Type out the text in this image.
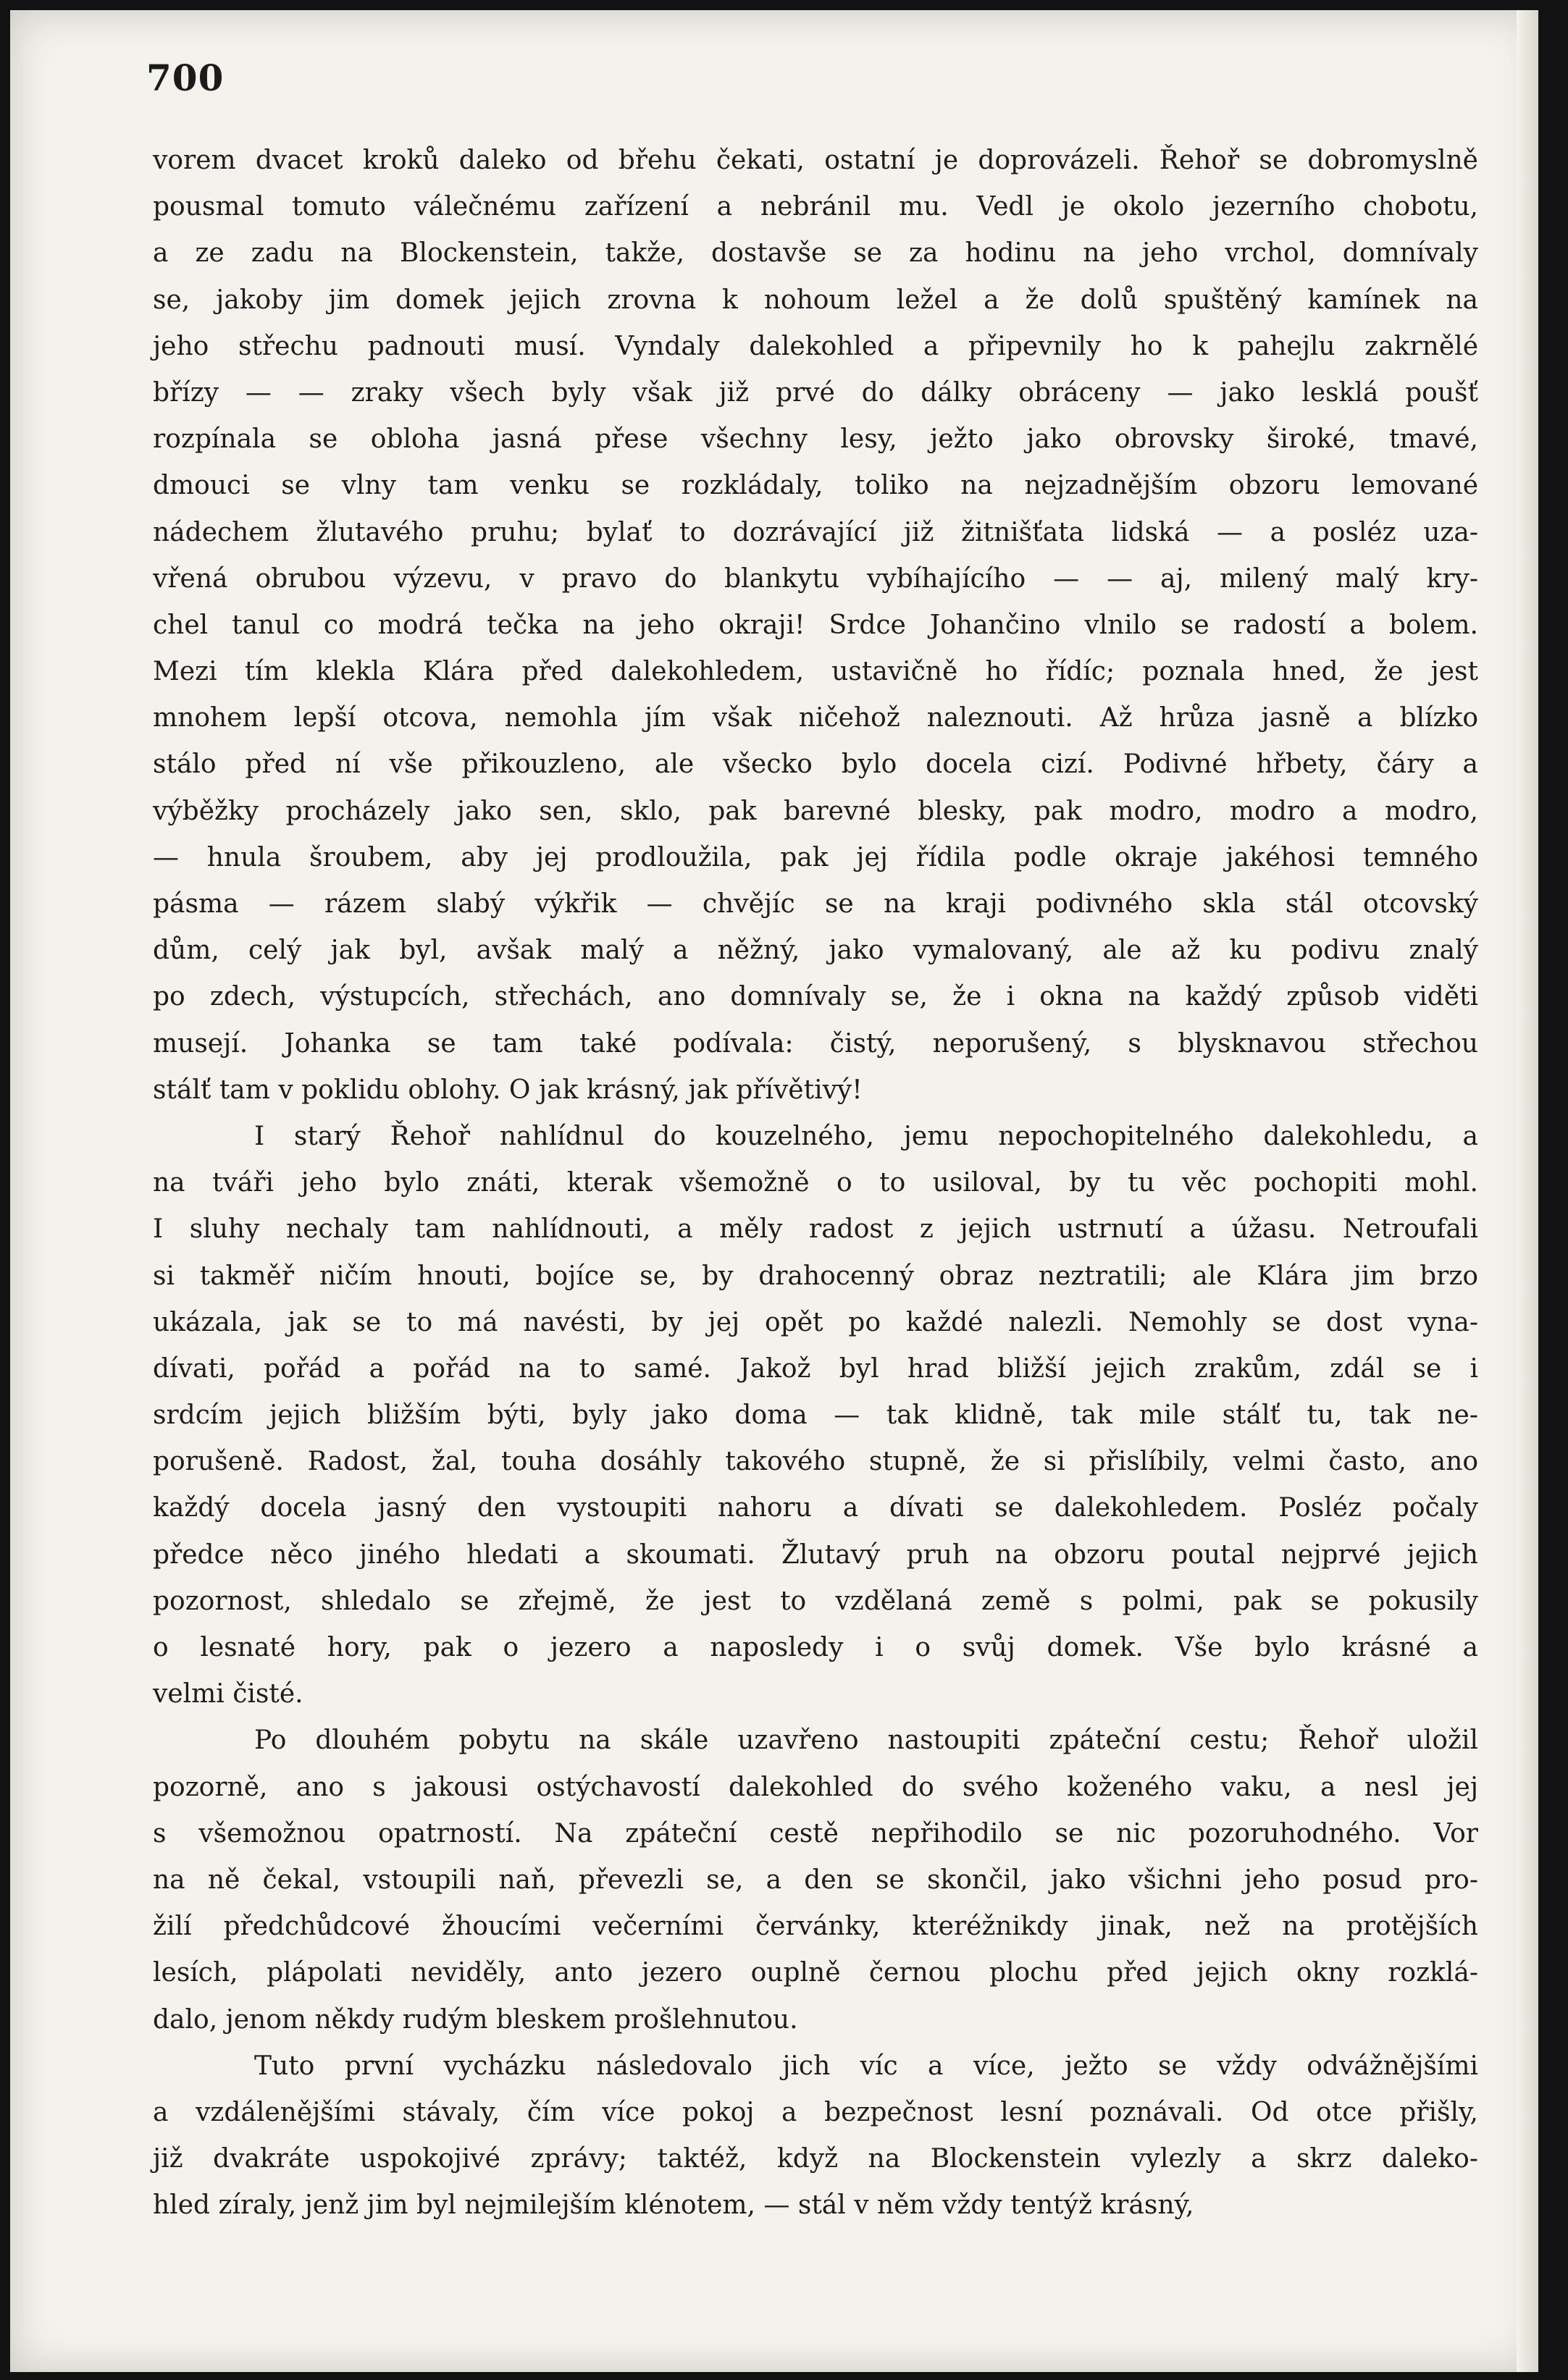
700
vorem dvacet kroků daleko od břehu čekati, ostatní je doprovázeli. Řehoř se dobromyslně
pousmal tomuto válečnému zařízení a nebránil mu. Vedl je okolo jezerního chobotu,
a ze zadu na Blockenstein, takže, dostavše se za hodinu na jeho vrchol, domnívaly
se, jakoby jim domek jejich zrovna k nohoum ležel a že dolů spuštěný kamínek na
jeho střechu padnouti musí. Vyndaly dalekohled a připevnily ho k pahejlu zakrnělé
břízy — — zraky všech byly však již prvé do dálky obráceny — jako lesklá poušť
rozpínala se obloha jasná přese všechny lesy, ježto jako obrovsky široké, tmavé,
dmouci se vlny tam venku se rozkládaly, toliko na nejzadnějším obzoru lemované
nádechem žlutavého pruhu; bylať to dozrávající již žitnišťata lidská — a posléz uza-
vřená obrubou výzevu, v pravo do blankytu vybíhajícího — — aj, milený malý kry-
chel tanul co modrá tečka na jeho okraji! Srdce Johančino vlnilo se radostí a bolem.
Mezi tím klekla Klára před dalekohledem, ustavičně ho řídíc; poznala hned, že jest
mnohem lepší otcova, nemohla jím však ničehož naleznouti. Až hrůza jasně a blízko
stálo před ní vše přikouzleno, ale všecko bylo docela cizí. Podivné hřbety, čáry a
výběžky procházely jako sen, sklo, pak barevné blesky, pak modro, modro a modro,
— hnula šroubem, aby jej prodloužila, pak jej řídila podle okraje jakéhosi temného
pásma — rázem slabý výkřik — chvějíc se na kraji podivného skla stál otcovský
dům, celý jak byl, avšak malý a něžný, jako vymalovaný, ale až ku podivu znalý
po zdech, výstupcích, střechách, ano domnívaly se, že i okna na každý způsob viděti
musejí. Johanka se tam také podívala: čistý, neporušený, s blysknavou střechou
stálť tam v poklidu oblohy. O jak krásný, jak přívětivý!
I starý Řehoř nahlídnul do kouzelného, jemu nepochopitelného dalekohledu, a
na tváři jeho bylo znáti, kterak všemožně o to usiloval, by tu věc pochopiti mohl.
I sluhy nechaly tam nahlídnouti, a měly radost z jejich ustrnutí a úžasu. Netroufali
si takměř ničím hnouti, bojíce se, by drahocenný obraz neztratili; ale Klára jim brzo
ukázala, jak se to má navésti, by jej opět po každé nalezli. Nemohly se dost vyna-
dívati, pořád a pořád na to samé. Jakož byl hrad bližší jejich zrakům, zdál se i
srdcím jejich bližším býti, byly jako doma — tak klidně, tak mile stálť tu, tak ne-
porušeně. Radost, žal, touha dosáhly takového stupně, že si přislíbily, velmi často, ano
každý docela jasný den vystoupiti nahoru a dívati se dalekohledem. Posléz počaly
předce něco jiného hledati a skoumati. Žlutavý pruh na obzoru poutal nejprvé jejich
pozornost, shledalo se zřejmě, že jest to vzdělaná země s polmi, pak se pokusily
o lesnaté hory, pak o jezero a naposledy i o svůj domek. Vše bylo krásné a
velmi čisté.
Po dlouhém pobytu na skále uzavřeno nastoupiti zpáteční cestu; Řehoř uložil
pozorně, ano s jakousi ostýchavostí dalekohled do svého koženého vaku, a nesl jej
s všemožnou opatrností. Na zpáteční cestě nepřihodilo se nic pozoruhodného. Vor
na ně čekal, vstoupili naň, převezli se, a den se skončil, jako všichni jeho posud pro-
žilí předchůdcové žhoucími večerními červánky, kteréžnikdy jinak, než na protějších
lesích, plápolati neviděly, anto jezero ouplně černou plochu před jejich okny rozklá-
dalo, jenom někdy rudým bleskem prošlehnutou.
Tuto první vycházku následovalo jich víc a více, ježto se vždy odvážnějšími
a vzdálenějšími stávaly, čím více pokoj a bezpečnost lesní poznávali. Od otce přišly,
již dvakráte uspokojivé zprávy; taktéž, když na Blockenstein vylezly a skrz daleko-
hled zíraly, jenž jim byl nejmilejším klénotem, — stál v něm vždy tentýž krásný,
